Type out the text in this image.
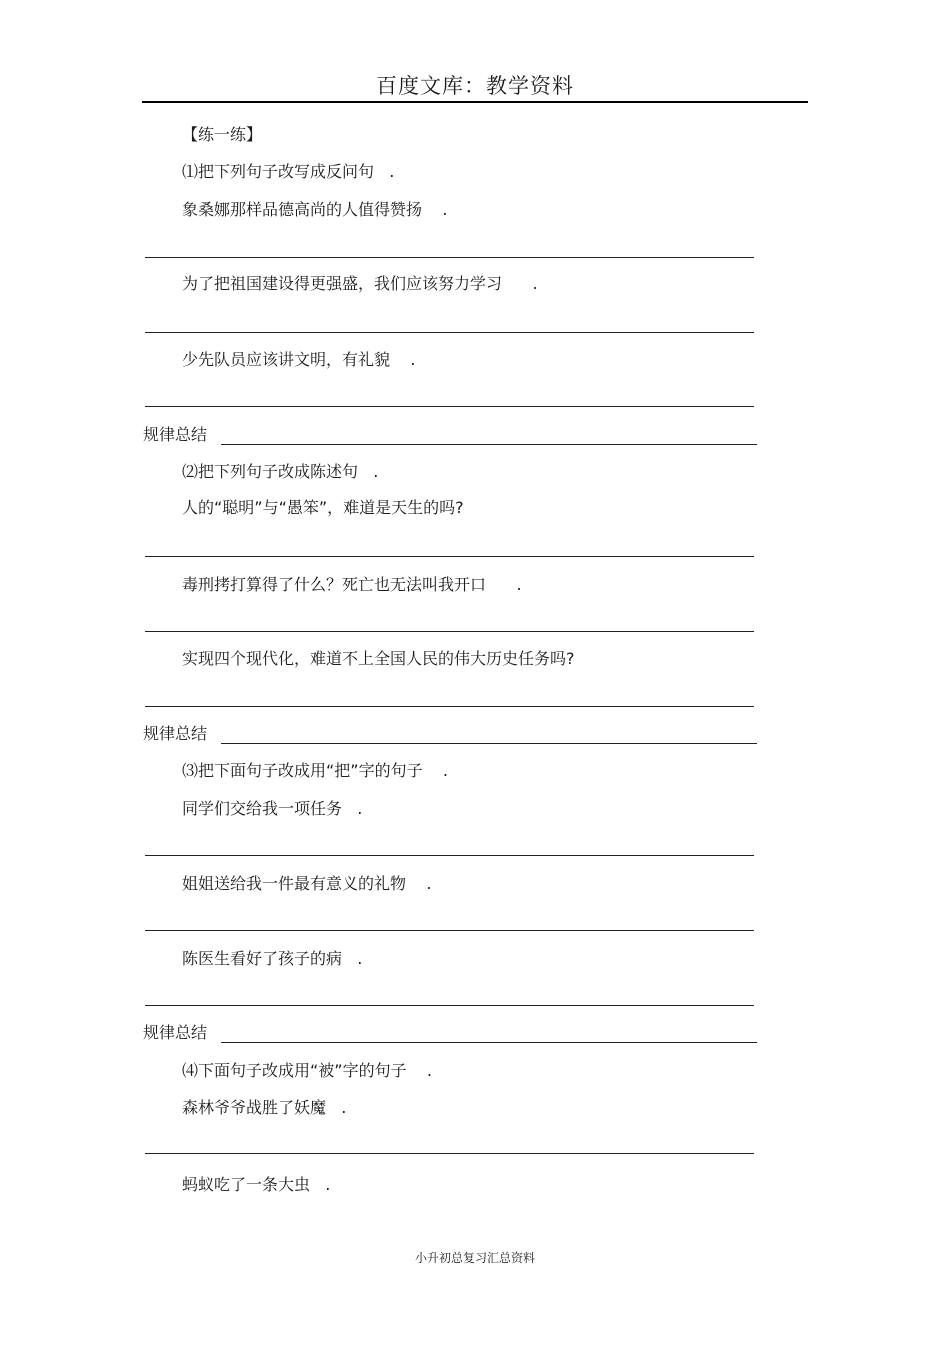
百度文库：教学资料
【练一练】
⑴把下列句子改写成反问句   .
象桑娜那样品德高尚的人值得赞扬    .
为了把祖国建设得更强盛，我们应该努力学习      .
少先队员应该讲文明，有礼貌    .
规律总结
⑵把下列句子改成陈述句   .
人的“聪明”与“愚笨”，难道是天生的吗?
毒刑拷打算得了什么？死亡也无法叫我开口      .
实现四个现代化，难道不上全国人民的伟大历史任务吗?
规律总结
⑶把下面句子改成用“把”字的句子    .
同学们交给我一项任务   .
姐姐送给我一件最有意义的礼物    .
陈医生看好了孩子的病   .
规律总结
⑷下面句子改成用“被”字的句子    .
森林爷爷战胜了妖魔   .
蚂蚁吃了一条大虫   .
小升初总复习汇总资料
